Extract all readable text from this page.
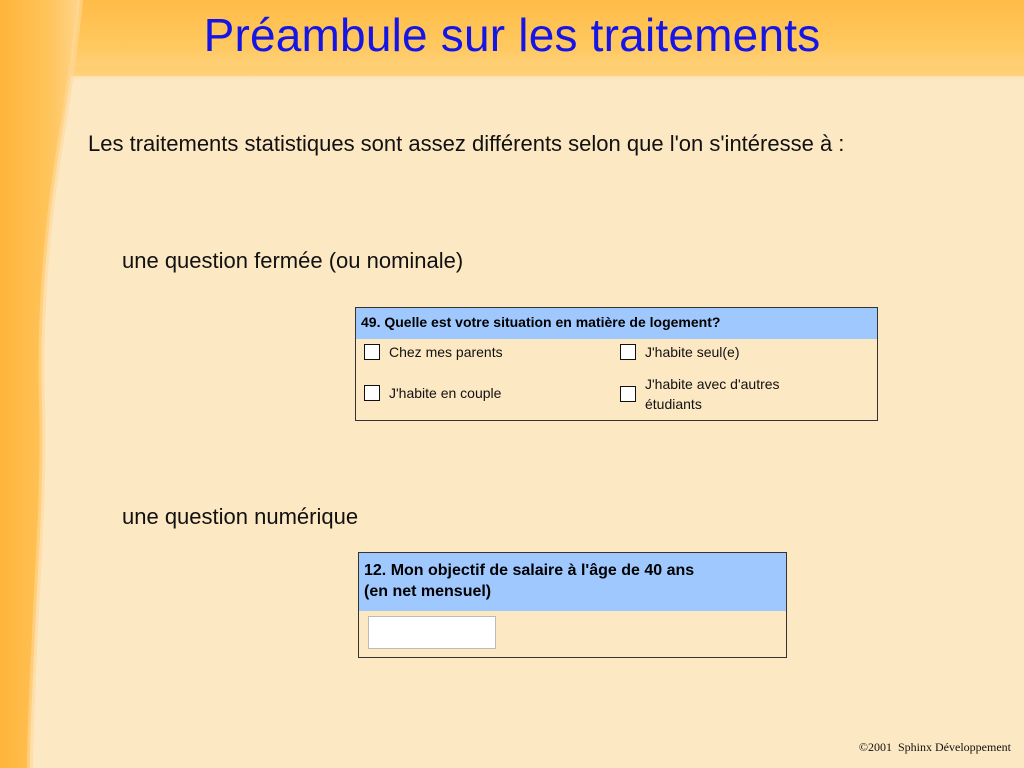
Préambule sur les traitements

Les traitements statistiques sont assez différents selon que l'on s'intéresse à :

une question fermée (ou nominale)

49. Quelle est votre situation en matière de logement?
Chez mes parents	J'habite seul(e)
J'habite en couple
J'habite avec d'autres étudiants

une question numérique

12. Mon objectif de salaire à l'âge de 40 ans
(en net mensuel)
©2001  Sphinx Développement
